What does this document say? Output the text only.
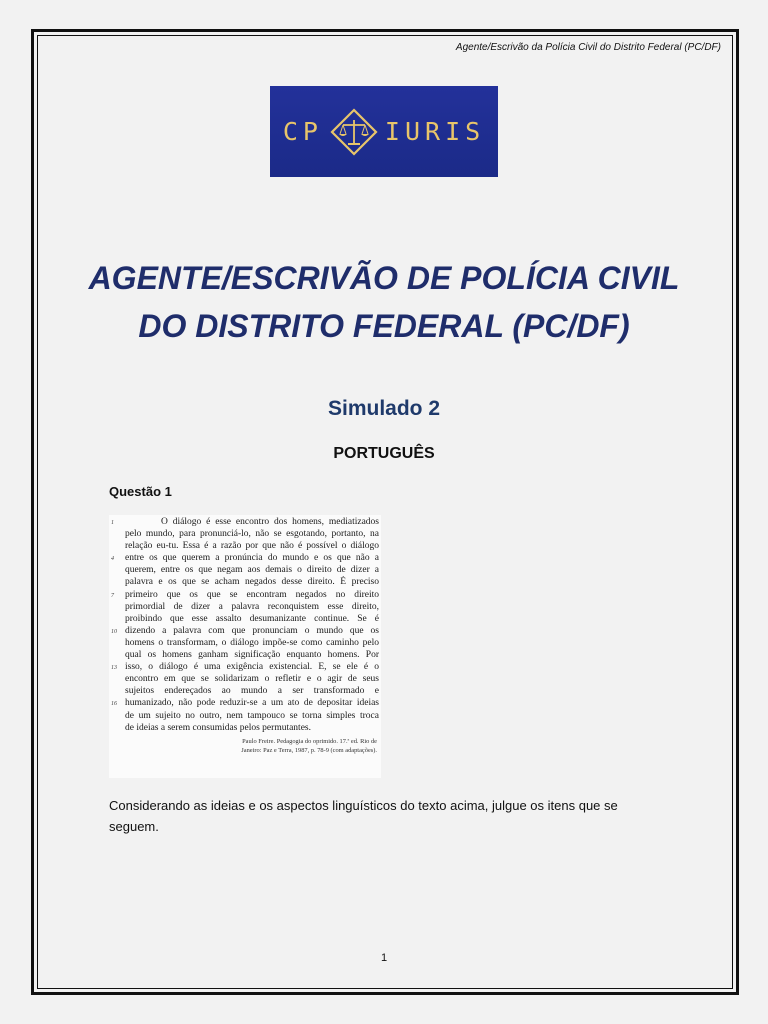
Agente/Escrivão da Polícia Civil do Distrito Federal (PC/DF)
CP IURIS
AGENTE/ESCRIVÃO DE POLÍCIA CIVIL
DO DISTRITO FEDERAL (PC/DF)
Simulado 2
PORTUGUÊS
Questão 1
1	O diálogo é esse encontro dos homens, mediatizados
pelo mundo, para pronunciá-lo, não se esgotando, portanto, na
relação eu-tu. Essa é a razão por que não é possível o diálogo
4	entre os que querem a pronúncia do mundo e os que não a
querem, entre os que negam aos demais o direito de dizer a
palavra e os que se acham negados desse direito. É preciso
7	primeiro que os que se encontram negados no direito
primordial de dizer a palavra reconquistem esse direito,
proibindo que esse assalto desumanizante continue. Se é
10 dizendo a palavra com que pronunciam o mundo que os
homens o transformam, o diálogo impõe-se como caminho pelo
qual os homens ganham significação enquanto homens. Por
13 isso, o diálogo é uma exigência existencial. E, se ele é o
encontro em que se solidarizam o refletir e o agir de seus
sujeitos endereçados ao mundo a ser transformado e
16 humanizado, não pode reduzir-se a um ato de depositar ideias
de um sujeito no outro, nem tampouco se torna simples troca
de ideias a serem consumidas pelos permutantes.
Paulo Freire. Pedagogia do oprimido. 17.ª ed. Rio de
Janeiro: Paz e Terra, 1987, p. 78-9 (com adaptações).
Considerando as ideias e os aspectos linguísticos do texto acima, julgue os itens que se seguem.
1
